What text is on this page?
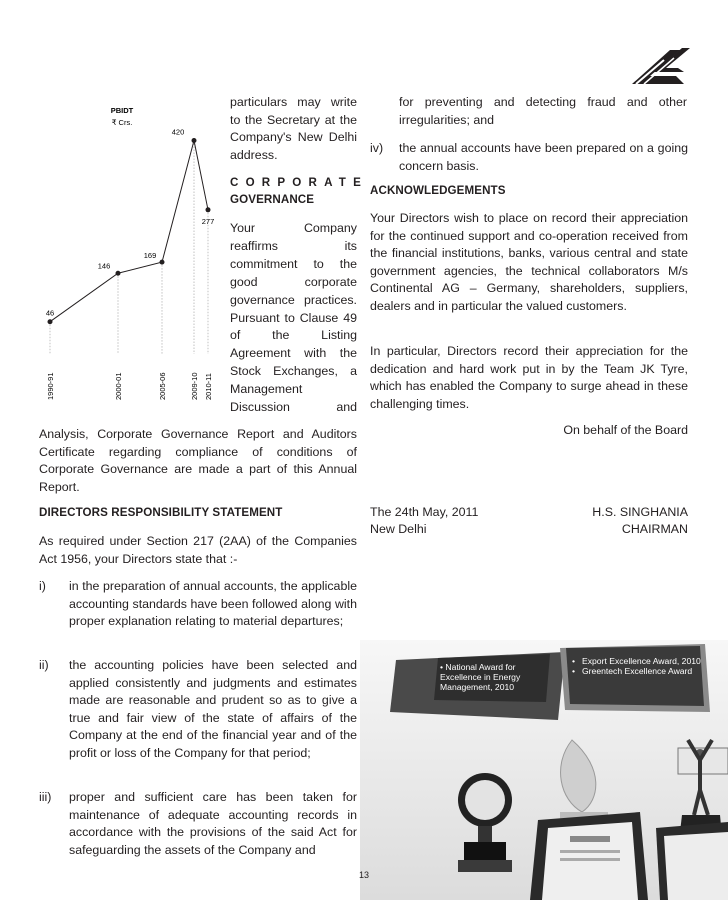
PBIDT
₹ Crs.
46
146
169
420
277
1990-91	2000-01	2005-06	2009-10 2010-11

particulars may write to the Secretary at the Company's New Delhi address.

CORPORATE

GOVERNANCE

Your Company reaffirms its commitment to the good corporate governance practices. Pursuant to Clause 49 of the Listing Agreement with the Stock Exchanges, a Management Discussion and

Analysis, Corporate Governance Report and Auditors Certificate regarding compliance of conditions of Corporate Governance are made a part of this Annual Report.

DIRECTORS RESPONSIBILITY STATEMENT

As required under Section 217 (2AA) of the Companies Act 1956, your Directors state that :-

i) in the preparation of annual accounts, the applicable accounting standards have been followed along with proper explanation relating to material departures;

ii) the accounting policies have been selected and applied consistently and judgments and estimates made are reasonable and prudent so as to give a true and fair view of the state of affairs of the Company at the end of the financial year and of the profit or loss of the Company for that period;

iii) proper and sufficient care has been taken for maintenance of adequate accounting records in accordance with the provisions of the said Act for safeguarding the assets of the Company and

for preventing and detecting fraud and other irregularities; and

iv) the annual accounts have been prepared on a going concern basis.

ACKNOWLEDGEMENTS

Your Directors wish to place on record their appreciation for the continued support and co-operation received from the financial institutions, banks, various central and state government agencies, the technical collaborators M/s Continental AG – Germany, shareholders, suppliers, dealers and in particular the valued customers.

In particular, Directors record their appreciation for the dedication and hard work put in by the Team JK Tyre, which has enabled the Company to surge ahead in these challenging times.

On behalf of the Board

The 24th May, 2011

New Delhi

H.S. SINGHANIA

CHAIRMAN

• National Award for Excellence in Energy Management, 2010
• Export Excellence Award, 2010
• Greentech Excellence Award

13
